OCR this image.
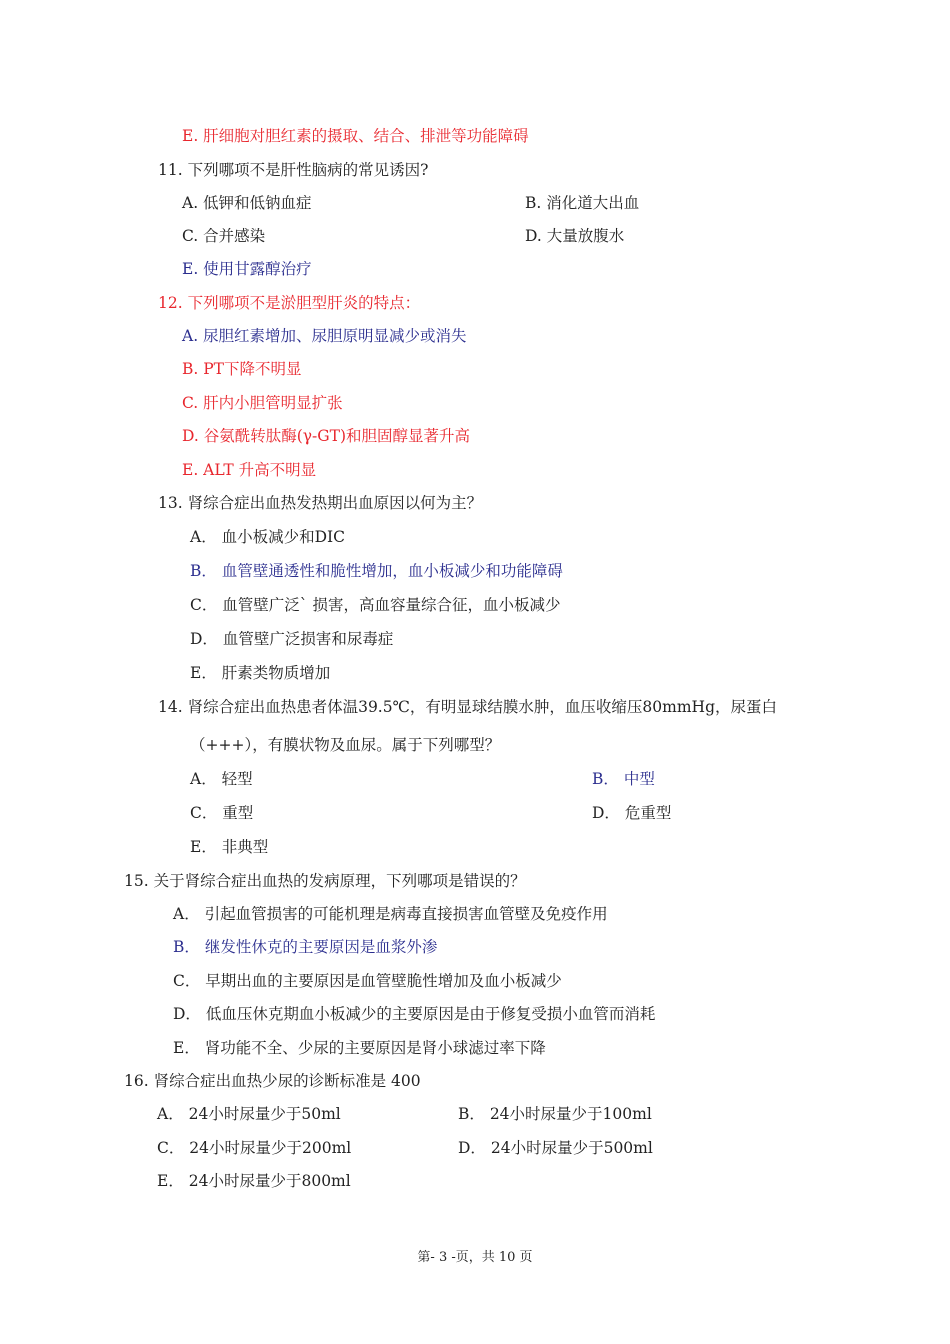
E. 肝细胞对胆红素的摄取、结合、排泄等功能障碍
11. 下列哪项不是肝性脑病的常见诱因?
A. 低钾和低钠血症	B. 消化道大出血
C. 合并感染	D. 大量放腹水
E. 使用甘露醇治疗
12. 下列哪项不是淤胆型肝炎的特点：
A. 尿胆红素增加、尿胆原明显减少或消失
B. PT下降不明显
C. 肝内小胆管明显扩张
D. 谷氨酰转肽酶(γ-GT)和胆固醇显著升高
E. ALT 升高不明显
13. 肾综合症出血热发热期出血原因以何为主？
A． 血小板减少和DIC
B． 血管壁通透性和脆性增加，血小板减少和功能障碍
C． 血管壁广泛` 损害，高血容量综合征，血小板减少
D． 血管壁广泛损害和尿毒症
E． 肝素类物质增加
14. 肾综合症出血热患者体温39.5℃，有明显球结膜水肿，血压收缩压80mmHg，尿蛋白
（+++），有膜状物及血尿。属于下列哪型？
A． 轻型	B． 中型
C． 重型	D． 危重型
E． 非典型
15. 关于肾综合症出血热的发病原理，下列哪项是错误的？
A． 引起血管损害的可能机理是病毒直接损害血管壁及免疫作用
B． 继发性休克的主要原因是血浆外渗
C． 早期出血的主要原因是血管壁脆性增加及血小板减少
D． 低血压休克期血小板减少的主要原因是由于修复受损小血管而消耗
E． 肾功能不全、少尿的主要原因是肾小球滤过率下降
16. 肾综合症出血热少尿的诊断标准是 400
A． 24小时尿量少于50ml	B． 24小时尿量少于100ml
C． 24小时尿量少于200ml	D． 24小时尿量少于500ml
E． 24小时尿量少于800ml
第- 3 -页，共 10 页
